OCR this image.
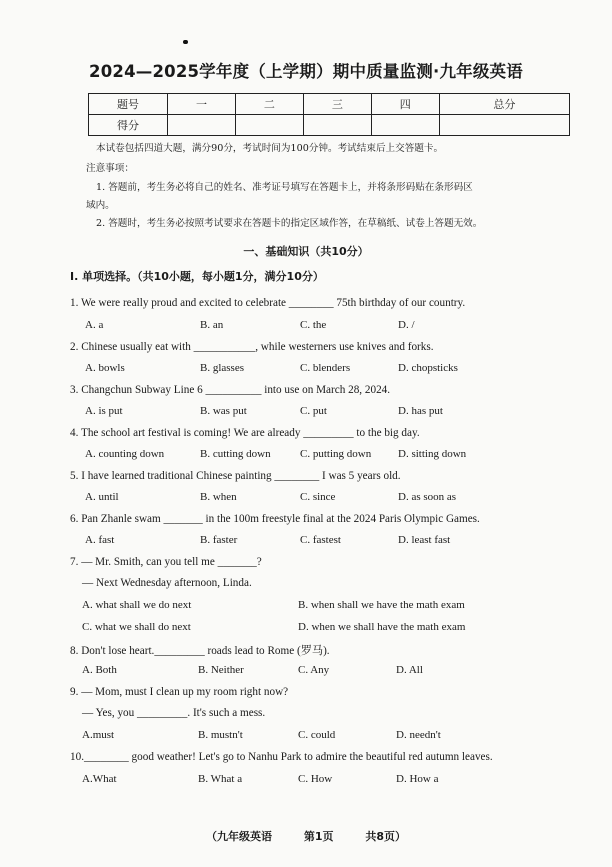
2024—2025学年度（上学期）期中质量监测·九年级英语
题号	一	二	三	四	总分
得分					
本试卷包括四道大题，满分90分，考试时间为100分钟。考试结束后上交答题卡。
注意事项：
1. 答题前，考生务必将自己的姓名、准考证号填写在答题卡上，并将条形码贴在条形码区
域内。
2. 答题时，考生务必按照考试要求在答题卡的指定区域作答，在草稿纸、试卷上答题无效。
一、基础知识（共10分）
I. 单项选择。（共10小题，每小题1分，满分10分）
1. We were really proud and excited to celebrate ________ 75th birthday of our country.
A. a	B. an	C. the	D. /
2. Chinese usually eat with ___________, while westerners use knives and forks.
A. bowls	B. glasses	C. blenders	D. chopsticks
3. Changchun Subway Line 6 __________ into use on March 28, 2024.
A. is put	B. was put	C. put	D. has put
4. The school art festival is coming! We are already _________ to the big day.
A. counting down	B. cutting down	C. putting down D. sitting down
5. I have learned traditional Chinese painting ________ I was 5 years old.
A. until	B. when	C. since	D. as soon as
6. Pan Zhanle swam _______ in the 100m freestyle final at the 2024 Paris Olympic Games.
A. fast	B. faster	C. fastest	D. least fast
7. — Mr. Smith, can you tell me _______?
— Next Wednesday afternoon, Linda.
A. what shall we do next	B. when shall we have the math exam
C. what we shall do next	D. when we shall have the math exam
8. Don't lose heart._________ roads lead to Rome (罗马).
A. Both	B. Neither	C. Any	D. All
9. — Mom, must I clean up my room right now?
— Yes, you _________. It's such a mess.
A.must	B. mustn't	C. could	D. needn't
10.________ good weather! Let's go to Nanhu Park to admire the beautiful red autumn leaves.
A.What	B. What a	C. How	D. How a
（九年级英语	第1页	共8页）
